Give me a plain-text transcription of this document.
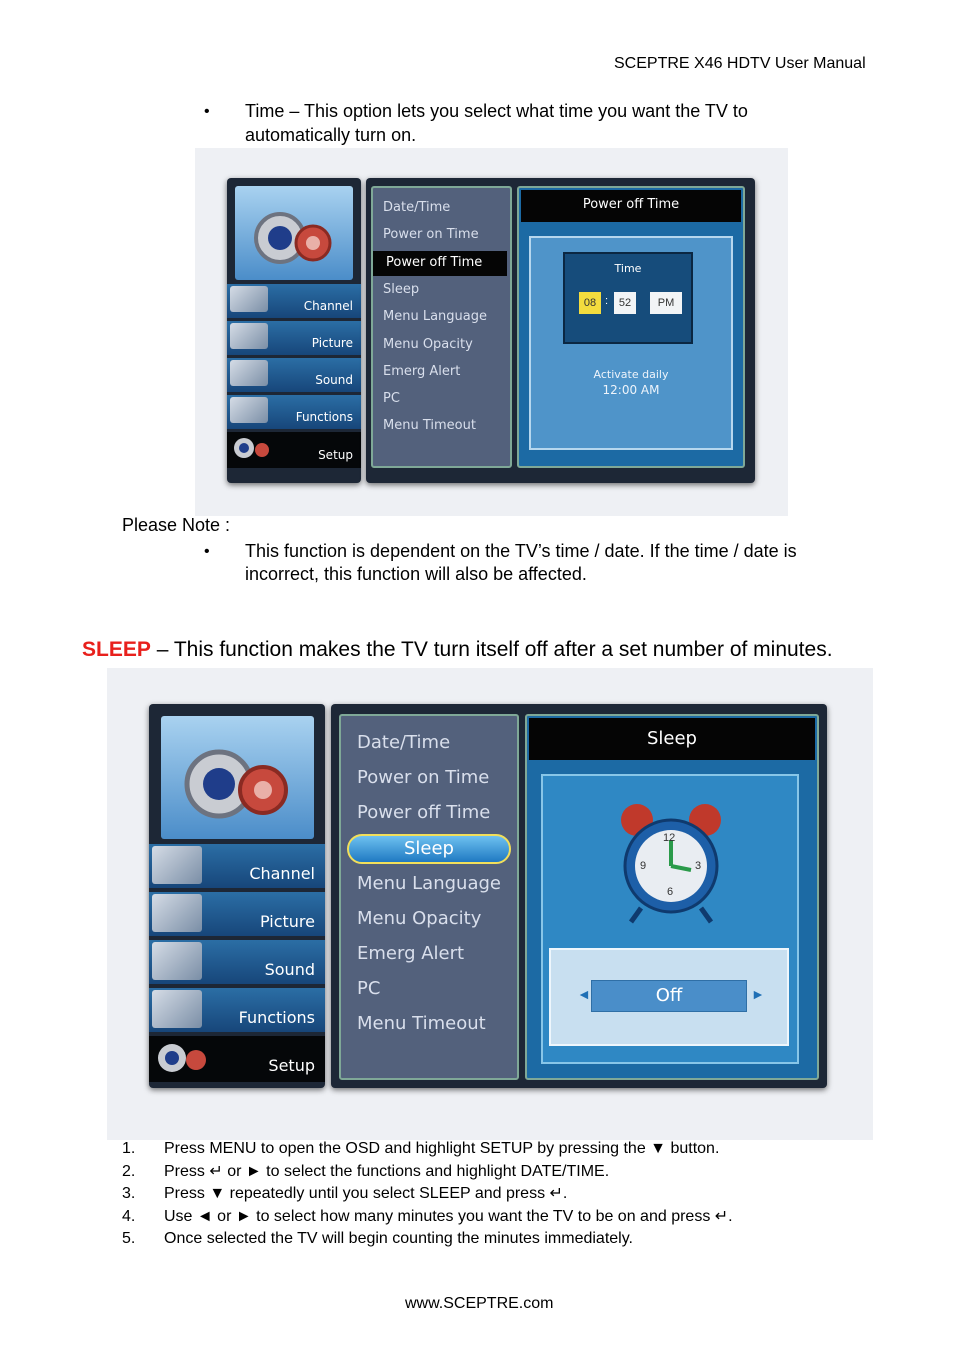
SCEPTRE X46 HDTV User Manual
• Time – This option lets you select what time you want the TV to
automatically turn on.
Channel
Picture
Sound
Functions
Setup
Date/Time
Power on Time
Power off Time
Sleep
Menu Language
Menu Opacity
Emerg Alert
PC
Menu Timeout
Power off Time
Time
08 : 52	PM
Activate daily
12:00 AM
Please Note :
• This function is dependent on the TV’s time / date. If the time / date is
incorrect, this function will also be affected.
SLEEP – This function makes the TV turn itself off after a set number of minutes.
Channel
Picture
Sound
Functions
Setup
Date/Time
Power on Time
Power off Time
Sleep
Menu Language
Menu Opacity
Emerg Alert
PC
Menu Timeout
Sleep
12
9	3
6
◄	Off	►
1.	Press MENU to open the OSD and highlight SETUP by pressing the ▼ button.
2.	Press ↵ or ► to select the functions and highlight DATE/TIME.
3.	Press ▼ repeatedly until you select SLEEP and press ↵.
4.	Use ◄ or ► to select how many minutes you want the TV to be on and press ↵.
5.	Once selected the TV will begin counting the minutes immediately.
www.SCEPTRE.com
